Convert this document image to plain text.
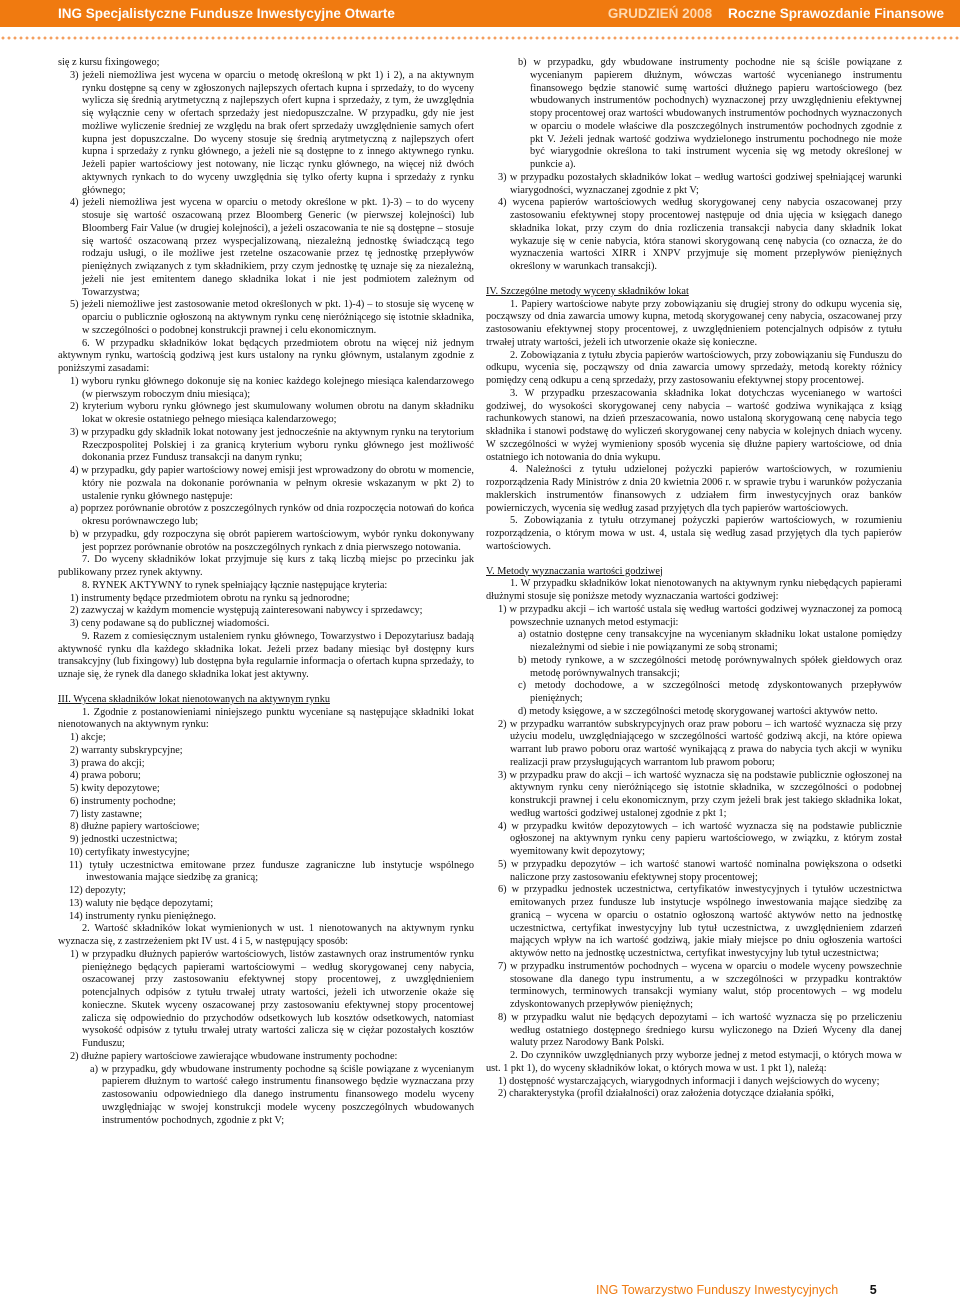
ING Specjalistyczne Fundusze Inwestycyjne Otwarte	GRUDZIEŃ 2008 Roczne Sprawozdanie Finansowe

się z kursu fixingowego;

3) jeżeli niemożliwa jest wycena w oparciu o metodę określoną w pkt 1) i 2), a na aktywnym rynku dostępne są ceny w zgłoszonych najlepszych ofertach kupna i sprzedaży, to do wyceny wylicza się średnią arytmetyczną z najlepszych ofert kupna i sprzedaży, z tym, że uwzględnia się wyłącznie ceny w ofertach sprzedaży jest niedopuszczalne. W przypadku, gdy nie jest możliwe wyliczenie średniej ze względu na brak ofert sprzedaży uwzględnienie samych ofert kupna jest dopuszczalne. Do wyceny stosuje się średnią arytmetyczną z najlepszych ofert kupna i sprzedaży z rynku głównego, a jeżeli nie są dostępne to z innego aktywnego rynku. Jeżeli papier wartościowy jest notowany, nie licząc rynku głównego, na więcej niż dwóch aktywnych rynkach to do wyceny uwzględnia się tylko oferty kupna i sprzedaży z rynku głównego;

4) jeżeli niemożliwa jest wycena w oparciu o metody określone w pkt. 1)-3) – to do wyceny stosuje się wartość oszacowaną przez Bloomberg Generic (w pierwszej kolejności) lub Bloomberg Fair Value (w drugiej kolejności), a jeżeli oszacowania te nie są dostępne – stosuje się wartość oszacowaną przez wyspecjalizowaną, niezależną jednostkę świadczącą tego rodzaju usługi, o ile możliwe jest rzetelne oszacowanie przez tę jednostkę przepływów pieniężnych związanych z tym składnikiem, przy czym jednostkę tę uznaje się za niezależną, jeżeli nie jest emitentem danego składnika lokat i nie jest podmiotem zależnym od Towarzystwa;

5) jeżeli niemożliwe jest zastosowanie metod określonych w pkt. 1)-4) – to stosuje się wycenę w oparciu o publicznie ogłoszoną na aktywnym rynku cenę nieróżniącego się istotnie składnika, w szczególności o podobnej konstrukcji prawnej i celu ekonomicznym.

6. W przypadku składników lokat będących przedmiotem obrotu na więcej niż jednym aktywnym rynku, wartością godziwą jest kurs ustalony na rynku głównym, ustalanym zgodnie z poniższymi zasadami:

1) wyboru rynku głównego dokonuje się na koniec każdego kolejnego miesiąca kalendarzowego (w pierwszym roboczym dniu miesiąca);

2) kryterium wyboru rynku głównego jest skumulowany wolumen obrotu na danym składniku lokat w okresie ostatniego pełnego miesiąca kalendarzowego;

3) w przypadku gdy składnik lokat notowany jest jednocześnie na aktywnym rynku na terytorium Rzeczpospolitej Polskiej i za granicą kryterium wyboru rynku głównego jest możliwość dokonania przez Fundusz transakcji na danym rynku;

4) w przypadku, gdy papier wartościowy nowej emisji jest wprowadzony do obrotu w momencie, który nie pozwala na dokonanie porównania w pełnym okresie wskazanym w pkt 2) to ustalenie rynku głównego następuje:

a) poprzez porównanie obrotów z poszczególnych rynków od dnia rozpoczęcia notowań do końca okresu porównawczego lub;

b) w przypadku, gdy rozpoczyna się obrót papierem wartościowym, wybór rynku dokonywany jest poprzez porównanie obrotów na poszczególnych rynkach z dnia pierwszego notowania.

7. Do wyceny składników lokat przyjmuje się kurs z taką liczbą miejsc po przecinku jak publikowany przez rynek aktywny.

8. RYNEK AKTYWNY to rynek spełniający łącznie następujące kryteria:

1) instrumenty będące przedmiotem obrotu na rynku są jednorodne;

2) zazwyczaj w każdym momencie występują zainteresowani nabywcy i sprzedawcy;

3) ceny podawane są do publicznej wiadomości.

9. Razem z comiesięcznym ustaleniem rynku głównego, Towarzystwo i Depozytariusz badają aktywność rynku dla każdego składnika lokat. Jeżeli przez badany miesiąc był dostępny kurs transakcyjny (lub fixingowy) lub dostępna była regularnie informacja o ofertach kupna sprzedaży, to uznaje się, że rynek dla danego składnika lokat jest aktywny.

III. Wycena składników lokat nienotowanych na aktywnym rynku

1. Zgodnie z postanowieniami niniejszego punktu wyceniane są następujące składniki lokat nienotowanych na aktywnym rynku:

1) akcje;

2) warranty subskrypcyjne;

3) prawa do akcji;

4) prawa poboru;

5) kwity depozytowe;

6) instrumenty pochodne;

7) listy zastawne;

8) dłużne papiery wartościowe;

9) jednostki uczestnictwa;

10) certyfikaty inwestycyjne;

11) tytuły uczestnictwa emitowane przez fundusze zagraniczne lub instytucje wspólnego inwestowania mające siedzibę za granicą;

12) depozyty;

13) waluty nie będące depozytami;

14) instrumenty rynku pieniężnego.

2. Wartość składników lokat wymienionych w ust. 1 nienotowanych na aktywnym rynku wyznacza się, z zastrzeżeniem pkt IV ust. 4 i 5, w następujący sposób:

1) w przypadku dłużnych papierów wartościowych, listów zastawnych oraz instrumentów rynku pieniężnego będących papierami wartościowymi – według skorygowanej ceny nabycia, oszacowanej przy zastosowaniu efektywnej stopy procentowej, z uwzględnieniem potencjalnych odpisów z tytułu trwałej utraty wartości, jeżeli ich utworzenie okaże się konieczne. Skutek wyceny oszacowanej przy zastosowaniu efektywnej stopy procentowej zalicza się odpowiednio do przychodów odsetkowych lub kosztów odsetkowych, natomiast wysokość odpisów z tytułu trwałej utraty wartości zalicza się w ciężar pozostałych kosztów Funduszu;

2) dłużne papiery wartościowe zawierające wbudowane instrumenty pochodne:

a) w przypadku, gdy wbudowane instrumenty pochodne są ściśle powiązane z wycenianym papierem dłużnym to wartość całego instrumentu finansowego będzie wyznaczana przy zastosowaniu odpowiedniego dla danego instrumentu finansowego modelu wyceny uwzględniając w swojej konstrukcji modele wyceny poszczególnych wbudowanych instrumentów pochodnych, zgodnie z pkt V;

b) w przypadku, gdy wbudowane instrumenty pochodne nie są ściśle powiązane z wycenianym papierem dłużnym, wówczas wartość wycenianego instrumentu finansowego będzie stanowić sumę wartości dłużnego papieru wartościowego (bez wbudowanych instrumentów pochodnych) wyznaczonej przy uwzględnieniu efektywnej stopy procentowej oraz wartości wbudowanych instrumentów pochodnych wyznaczonych w oparciu o modele właściwe dla poszczególnych instrumentów pochodnych zgodnie z pkt V. Jeżeli jednak wartość godziwa wydzielonego instrumentu pochodnego nie może być wiarygodnie określona to taki instrument wycenia się wg metody określonej w punkcie a).

3) w przypadku pozostałych składników lokat – według wartości godziwej spełniającej warunki wiarygodności, wyznaczanej zgodnie z pkt V;

4) wycena papierów wartościowych według skorygowanej ceny nabycia oszacowanej przy zastosowaniu efektywnej stopy procentowej następuje od dnia ujęcia w księgach danego składnika lokat, przy czym do dnia rozliczenia transakcji nabycia dany składnik lokat wykazuje się w cenie nabycia, która stanowi skorygowaną cenę nabycia (co oznacza, że do wyznaczenia wartości XIRR i XNPV przyjmuje się moment przepływów pieniężnych określony w warunkach transakcji).

IV. Szczególne metody wyceny składników lokat

1. Papiery wartościowe nabyte przy zobowiązaniu się drugiej strony do odkupu wycenia się, począwszy od dnia zawarcia umowy kupna, metodą skorygowanej ceny nabycia, oszacowanej przy zastosowaniu efektywnej stopy procentowej, z uwzględnieniem potencjalnych odpisów z tytułu trwałej utraty wartości, jeżeli ich utworzenie okaże się konieczne.

2. Zobowiązania z tytułu zbycia papierów wartościowych, przy zobowiązaniu się Funduszu do odkupu, wycenia się, począwszy od dnia zawarcia umowy sprzedaży, metodą korekty różnicy pomiędzy ceną odkupu a ceną sprzedaży, przy zastosowaniu efektywnej stopy procentowej.

3. W przypadku przeszacowania składnika lokat dotychczas wycenianego w wartości godziwej, do wysokości skorygowanej ceny nabycia – wartość godziwa wynikająca z ksiąg rachunkowych stanowi, na dzień przeszacowania, nowo ustaloną skorygowaną cenę nabycia tego składnika i stanowi podstawę do wyliczeń skorygowanej ceny nabycia w kolejnych dniach wyceny. W szczególności w wyżej wymieniony sposób wycenia się dłużne papiery wartościowe, od dnia ostatniego ich notowania do dnia wykupu.

4. Należności z tytułu udzielonej pożyczki papierów wartościowych, w rozumieniu rozporządzenia Rady Ministrów z dnia 20 kwietnia 2006 r. w sprawie trybu i warunków pożyczania maklerskich instrumentów finansowych z udziałem firm inwestycyjnych oraz banków powierniczych, wycenia się według zasad przyjętych dla tych papierów wartościowych.

5. Zobowiązania z tytułu otrzymanej pożyczki papierów wartościowych, w rozumieniu rozporządzenia, o którym mowa w ust. 4, ustala się według zasad przyjętych dla tych papierów wartościowych.

V. Metody wyznaczania wartości godziwej

1. W przypadku składników lokat nienotowanych na aktywnym rynku niebędących papierami dłużnymi stosuje się poniższe metody wyznaczania wartości godziwej:

1) w przypadku akcji – ich wartość ustala się według wartości godziwej wyznaczonej za pomocą powszechnie uznanych metod estymacji:

a) ostatnio dostępne ceny transakcyjne na wycenianym składniku lokat ustalone pomiędzy niezależnymi od siebie i nie powiązanymi ze sobą stronami;

b) metody rynkowe, a w szczególności metodę porównywalnych spółek giełdowych oraz metodę porównywalnych transakcji;

c) metody dochodowe, a w szczególności metodę zdyskontowanych przepływów pieniężnych;

d) metody księgowe, a w szczególności metodę skorygowanej wartości aktywów netto.

2) w przypadku warrantów subskrypcyjnych oraz praw poboru – ich wartość wyznacza się przy użyciu modelu, uwzględniającego w szczególności wartość godziwą akcji, na które opiewa warrant lub prawo poboru oraz wartość wynikającą z prawa do nabycia tych akcji w wyniku realizacji praw przysługujących warrantom lub prawom poboru;

3) w przypadku praw do akcji – ich wartość wyznacza się na podstawie publicznie ogłoszonej na aktywnym rynku ceny nieróżniącego się istotnie składnika, w szczególności o podobnej konstrukcji prawnej i celu ekonomicznym, przy czym jeżeli brak jest takiego składnika lokat, według wartości godziwej ustalonej zgodnie z pkt 1;

4) w przypadku kwitów depozytowych – ich wartość wyznacza się na podstawie publicznie ogłoszonej na aktywnym rynku ceny papieru wartościowego, w związku, z którym został wyemitowany kwit depozytowy;

5) w przypadku depozytów – ich wartość stanowi wartość nominalna powiększona o odsetki naliczone przy zastosowaniu efektywnej stopy procentowej;

6) w przypadku jednostek uczestnictwa, certyfikatów inwestycyjnych i tytułów uczestnictwa emitowanych przez fundusze lub instytucje wspólnego inwestowania mające siedzibę za granicą – wycena w oparciu o ostatnio ogłoszoną wartość aktywów netto na jednostkę uczestnictwa, certyfikat inwestycyjny lub tytuł uczestnictwa, z uwzględnieniem zdarzeń mających wpływ na ich wartość godziwą, jakie miały miejsce po dniu ogłoszenia wartości aktywów netto na jednostkę uczestnictwa, certyfikat inwestycyjny lub tytuł uczestnictwa;

7) w przypadku instrumentów pochodnych – wycena w oparciu o modele wyceny powszechnie stosowane dla danego typu instrumentu, a w szczególności w przypadku kontraktów terminowych, terminowych transakcji wymiany walut, stóp procentowych – wg modelu zdyskontowanych przepływów pieniężnych;

8) w przypadku walut nie będących depozytami – ich wartość wyznacza się po przeliczeniu według ostatniego dostępnego średniego kursu wyliczonego na Dzień Wyceny dla danej waluty przez Narodowy Bank Polski.

2. Do czynników uwzględnianych przy wyborze jednej z metod estymacji, o których mowa w ust. 1 pkt 1), do wyceny składników lokat, o których mowa w ust. 1 pkt 1), należą:

1) dostępność wystarczających, wiarygodnych informacji i danych wejściowych do wyceny;

2) charakterystyka (profil działalności) oraz założenia dotyczące działania spółki,

ING Towarzystwo Funduszy Inwestycyjnych	5
